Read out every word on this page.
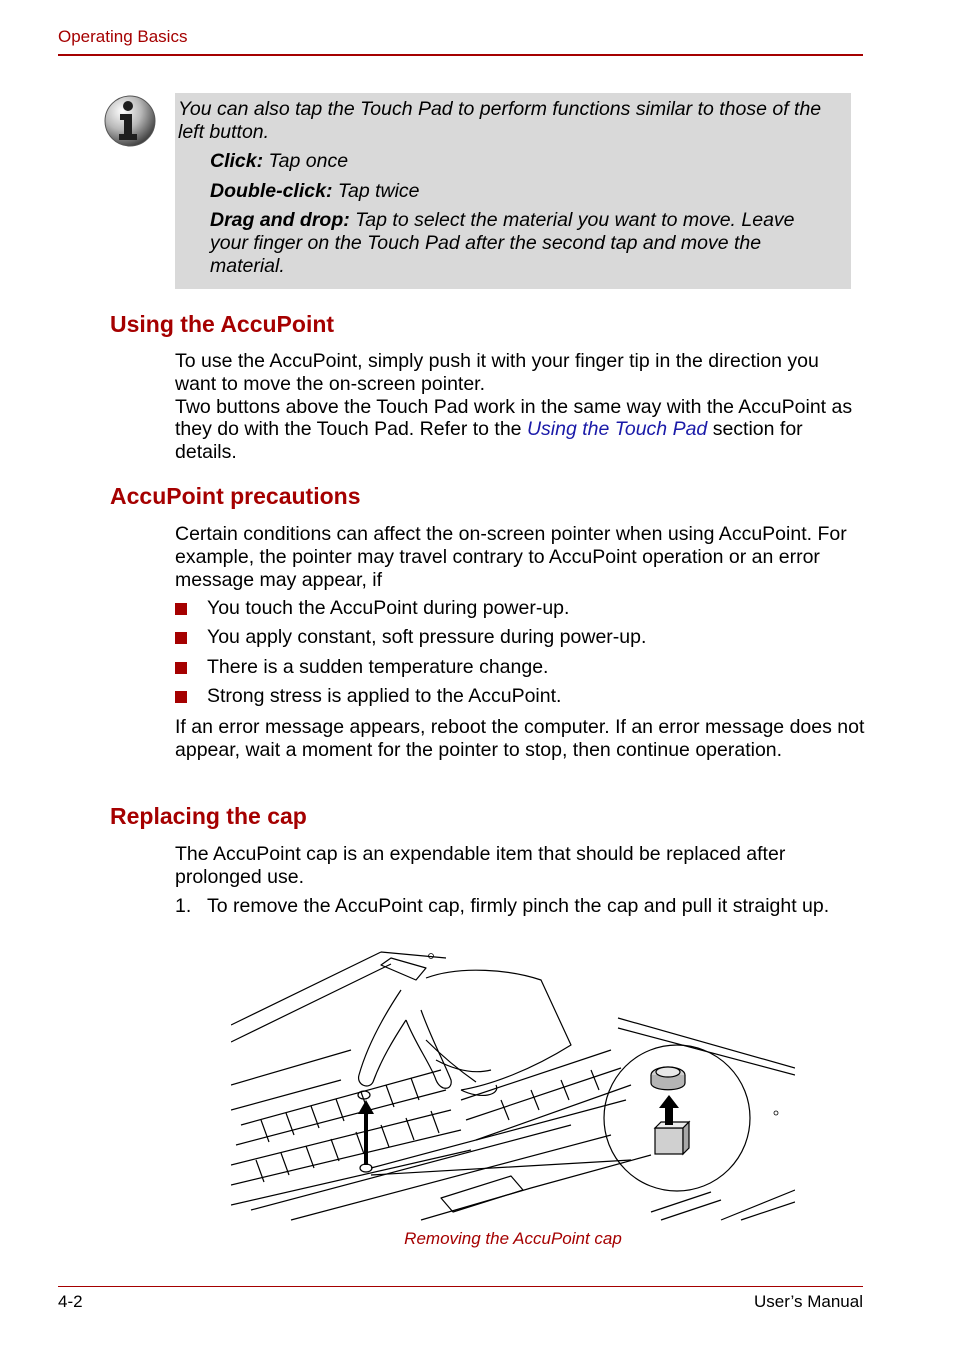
Operating Basics
You can also tap the Touch Pad to perform functions similar to those of the left button.
Click: Tap once
Double-click: Tap twice
Drag and drop: Tap to select the material you want to move. Leave your finger on the Touch Pad after the second tap and move the material.
Using the AccuPoint
To use the AccuPoint, simply push it with your finger tip in the direction you want to move the on-screen pointer.
Two buttons above the Touch Pad work in the same way with the AccuPoint as they do with the Touch Pad. Refer to the Using the Touch Pad section for details.
AccuPoint precautions
Certain conditions can affect the on-screen pointer when using AccuPoint. For example, the pointer may travel contrary to AccuPoint operation or an error message may appear, if
You touch the AccuPoint during power-up.
You apply constant, soft pressure during power-up.
There is a sudden temperature change.
Strong stress is applied to the AccuPoint.
If an error message appears, reboot the computer. If an error message does not appear, wait a moment for the pointer to stop, then continue operation.
Replacing the cap
The AccuPoint cap is an expendable item that should be replaced after prolonged use.
1. To remove the AccuPoint cap, firmly pinch the cap and pull it straight up.
Removing the AccuPoint cap
4-2	User’s Manual
